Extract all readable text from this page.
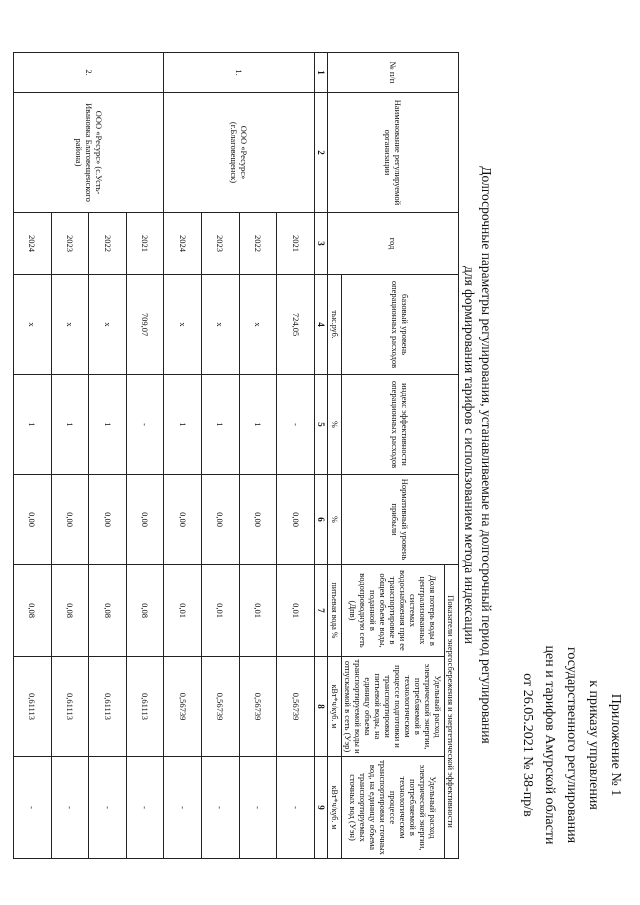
Приложение № 1
к приказу управления
государственного регулирования
цен и тарифов Амурской области
от 26.05.2021 № 38-пр/в
Долгосрочные параметры регулирования, устанавливаемые на долгосрочный период регулирования
для формирования тарифов с использованием метода индексации
№ п/п	Наименование регулируемой организации	год	базовый уровень операционных расходов	индекс эффективности операционных расходов	Нормативный уровень прибыли	Показатели энергосбережения и энергетической эффективности		
						Доля потерь воды в централизованных системах водоснабжения при ее транспортировке в общем объеме воды, поданной в водопроводную сеть (Дпв)	Удельный расход электрической энергии, потребляемой в технологическом процессе подготовки и транспортировки питьевой воды, на единицу объема транспортируемой воды и отпускаемой в сеть (Уэр)	Удельный расход электрической энергии, потребляемой в технологическом процессе транспортировки сточных вод, на единицу объема транспортируемых сточных вод (Уэн)
			тыс.руб.	%	%	питьевая вода %	кВт*ч/куб. м	кВт*ч/куб. м
1	2	3	4	5	6	7	8	9
1.	ООО «Ресурс» (г.Благовещенск)	2021	724,05	-	0,00	0,01	0,56739	-
		2022	x	1	0,00	0,01	0,56739	-
		2023	x	1	0,00	0,01	0,56739	-
		2024	x	1	0,00	0,01	0,56739	-
2.	ООО «Ресурс» (с.Усть-Ивановка Благовещенского района)	2021	709,07	-	0,00	0,08	0,61113	-
		2022	x	1	0,00	0,08	0,61113	-
		2023	x	1	0,00	0,08	0,61113	-
		2024	x	1	0,00	0,08	0,61113	-
